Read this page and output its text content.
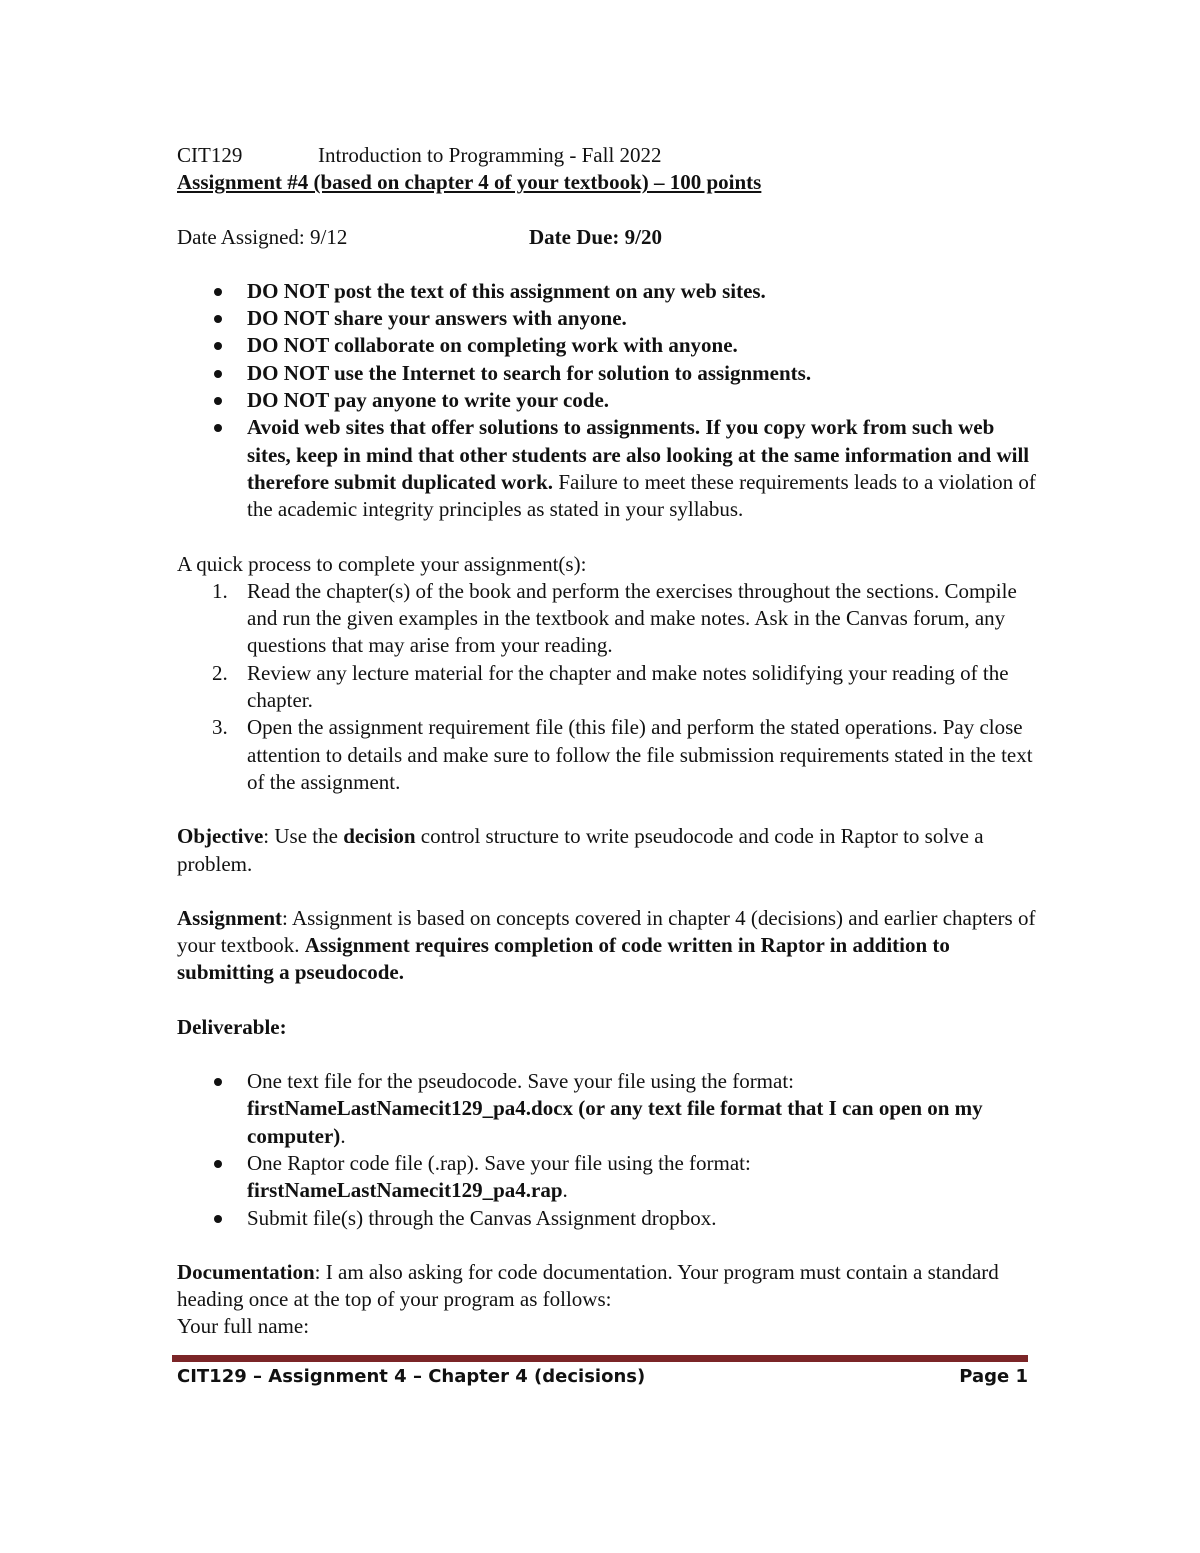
CIT129	Introduction to Programming - Fall 2022
Assignment #4 (based on chapter 4 of your textbook) – 100 points
Date Assigned: 9/12	Date Due: 9/20
DO NOT post the text of this assignment on any web sites.
DO NOT share your answers with anyone.
DO NOT collaborate on completing work with anyone.
DO NOT use the Internet to search for solution to assignments.
DO NOT pay anyone to write your code.
Avoid web sites that offer solutions to assignments. If you copy work from such web sites, keep in mind that other students are also looking at the same information and will therefore submit duplicated work. Failure to meet these requirements leads to a violation of the academic integrity principles as stated in your syllabus.
A quick process to complete your assignment(s):
1. Read the chapter(s) of the book and perform the exercises throughout the sections. Compile and run the given examples in the textbook and make notes. Ask in the Canvas forum, any questions that may arise from your reading.
2. Review any lecture material for the chapter and make notes solidifying your reading of the chapter.
3. Open the assignment requirement file (this file) and perform the stated operations. Pay close attention to details and make sure to follow the file submission requirements stated in the text of the assignment.
Objective: Use the decision control structure to write pseudocode and code in Raptor to solve a problem.
Assignment: Assignment is based on concepts covered in chapter 4 (decisions) and earlier chapters of your textbook. Assignment requires completion of code written in Raptor in addition to submitting a pseudocode.
Deliverable:
One text file for the pseudocode. Save your file using the format: firstNameLastNamecit129_pa4.docx (or any text file format that I can open on my computer).
One Raptor code file (.rap). Save your file using the format: firstNameLastNamecit129_pa4.rap.
Submit file(s) through the Canvas Assignment dropbox.
Documentation: I am also asking for code documentation. Your program must contain a standard heading once at the top of your program as follows:
Your full name:
CIT129 – Assignment 4 – Chapter 4 (decisions)	Page 1
